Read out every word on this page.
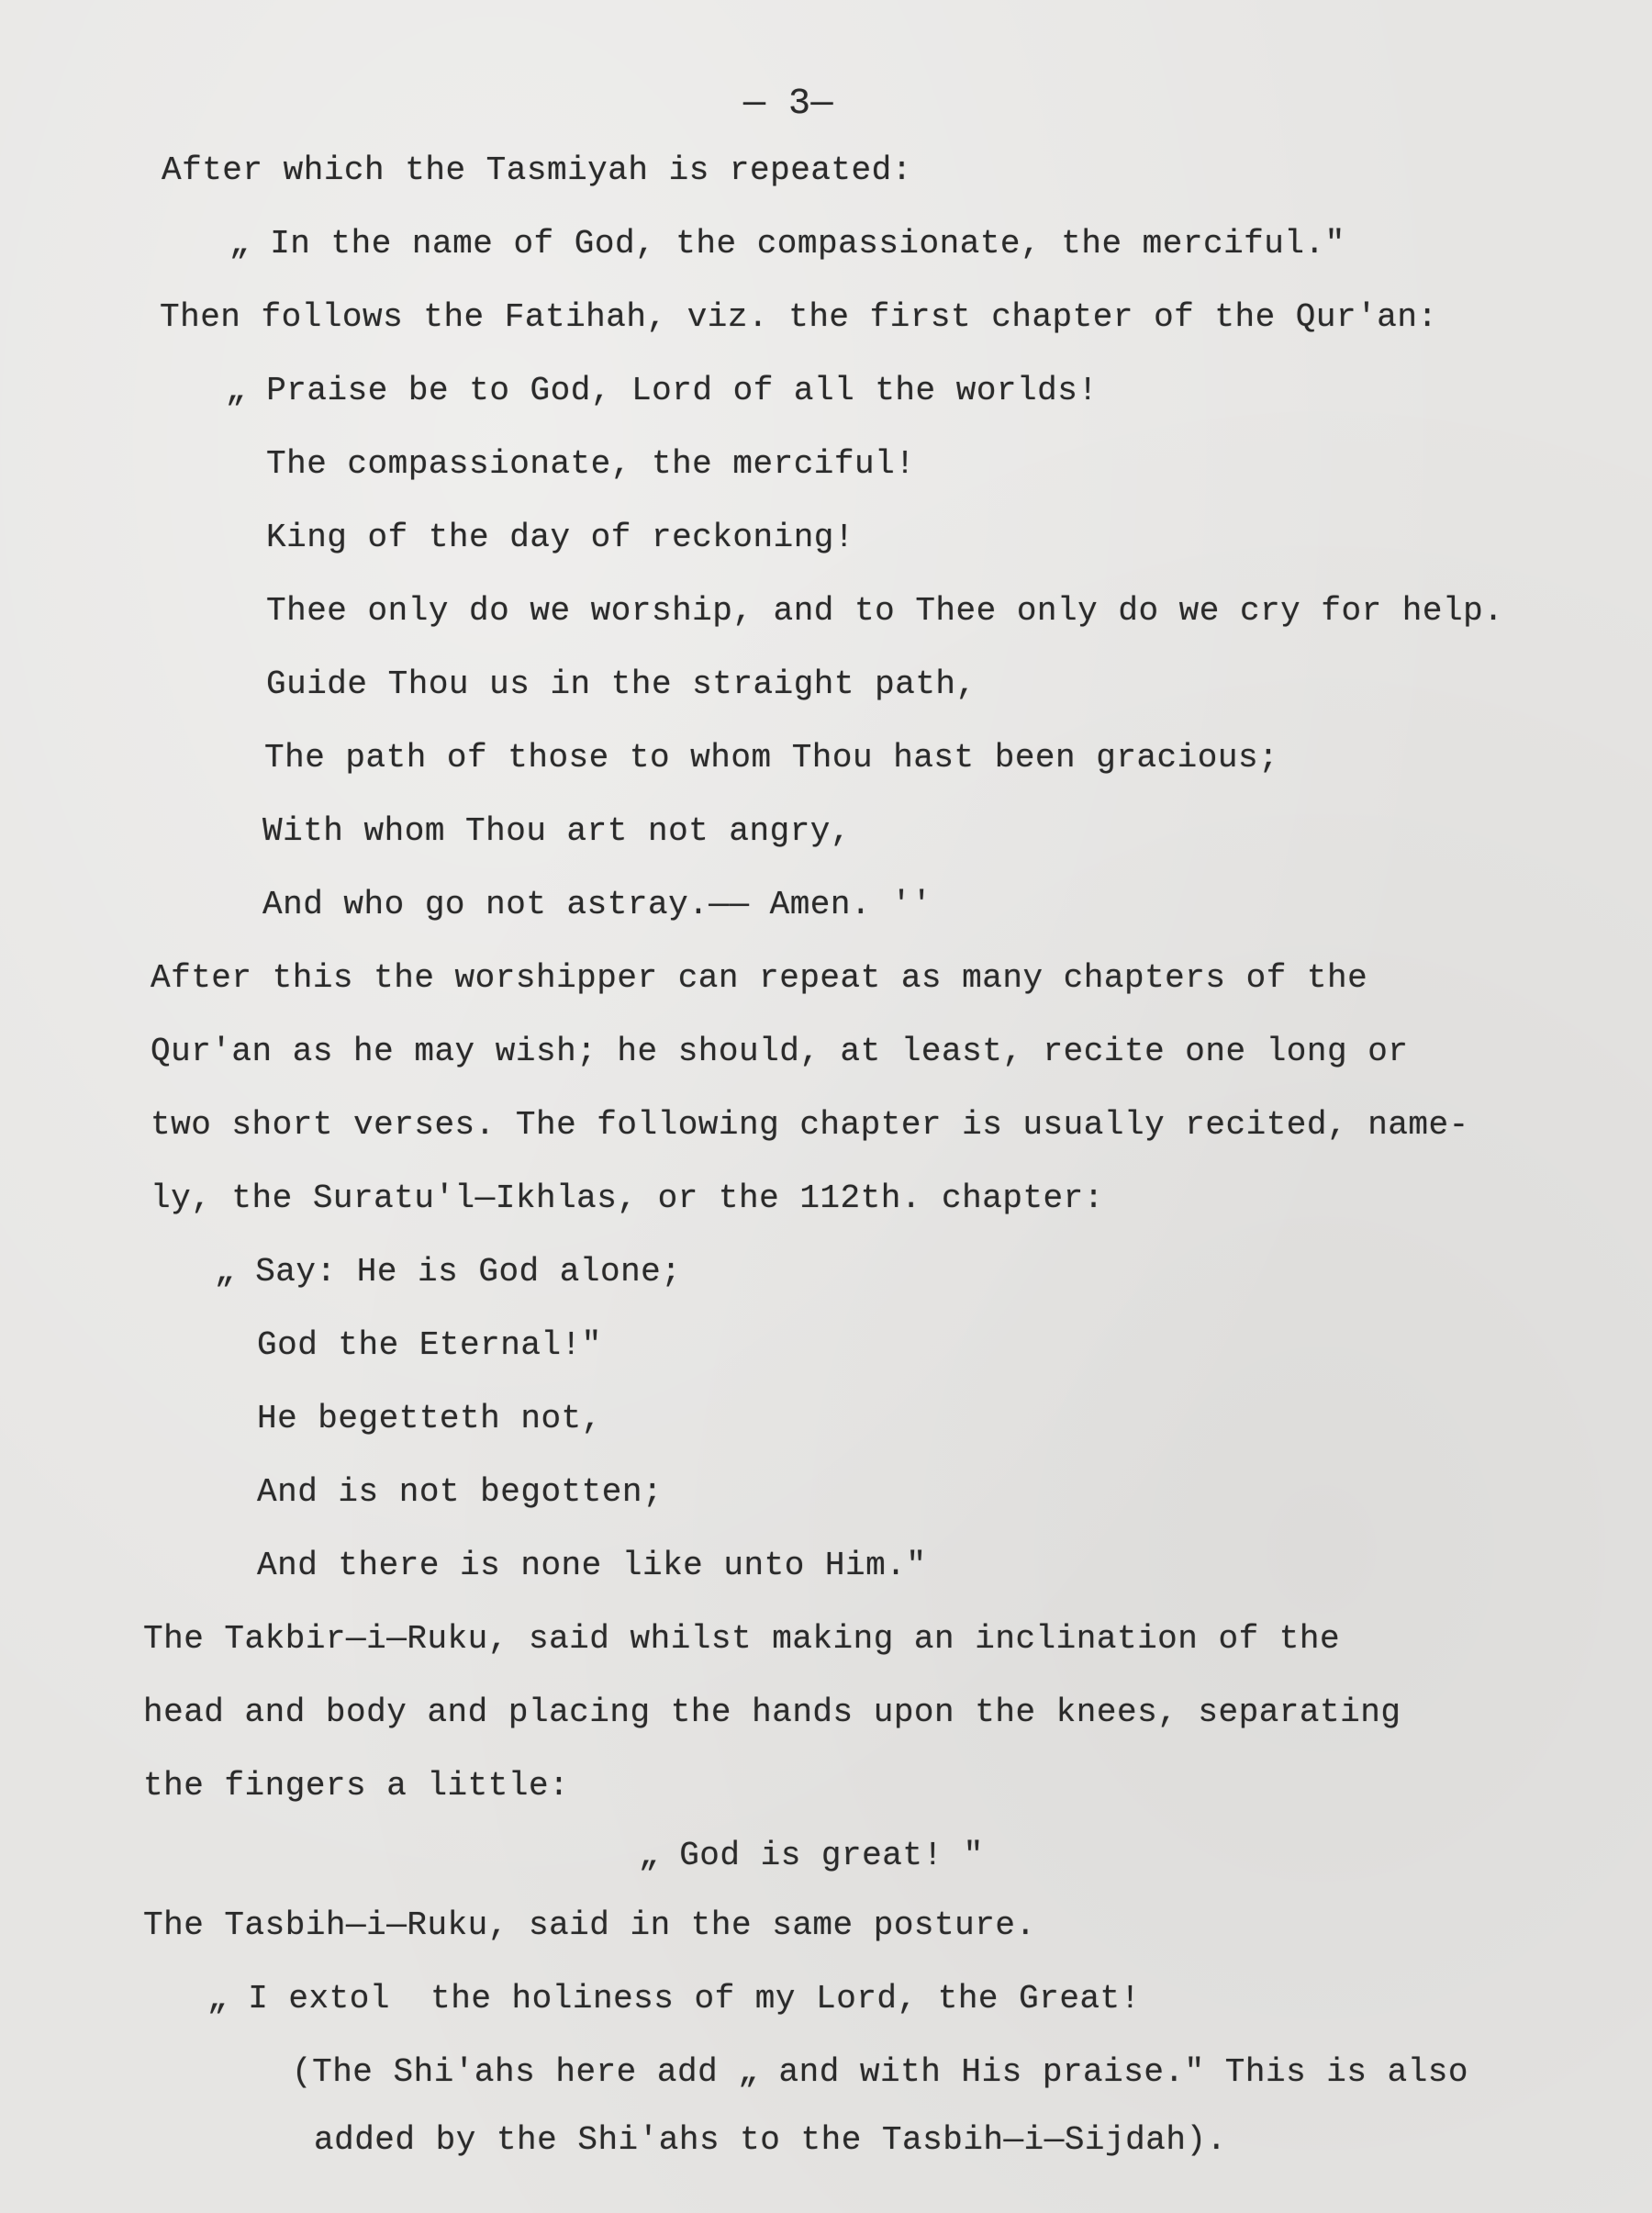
— 3—
After which the Tasmiyah is repeated:
„ In the name of God, the compassionate, the merciful."
Then follows the Fatihah, viz. the first chapter of the Qur'an:
„ Praise be to God, Lord of all the worlds!
The compassionate, the merciful!
King of the day of reckoning!
Thee only do we worship, and to Thee only do we cry for help.
Guide Thou us in the straight path,
The path of those to whom Thou hast been gracious;
With whom Thou art not angry,
And who go not astray.—— Amen. ''
After this the worshipper can repeat as many chapters of the
Qur'an as he may wish; he should, at least, recite one long or
two short verses. The following chapter is usually recited, name-
ly, the Suratu'l—Ikhlas, or the 112th. chapter:
„ Say: He is God alone;
God the Eternal!"
He begetteth not,
And is not begotten;
And there is none like unto Him."
The Takbir—i—Ruku, said whilst making an inclination of the
head and body and placing the hands upon the knees, separating
the fingers a little:
„ God is great! "
The Tasbih—i—Ruku, said in the same posture.
„ I extol  the holiness of my Lord, the Great!
(The Shi'ahs here add „ and with His praise." This is also
added by the Shi'ahs to the Tasbih—i—Sijdah).
